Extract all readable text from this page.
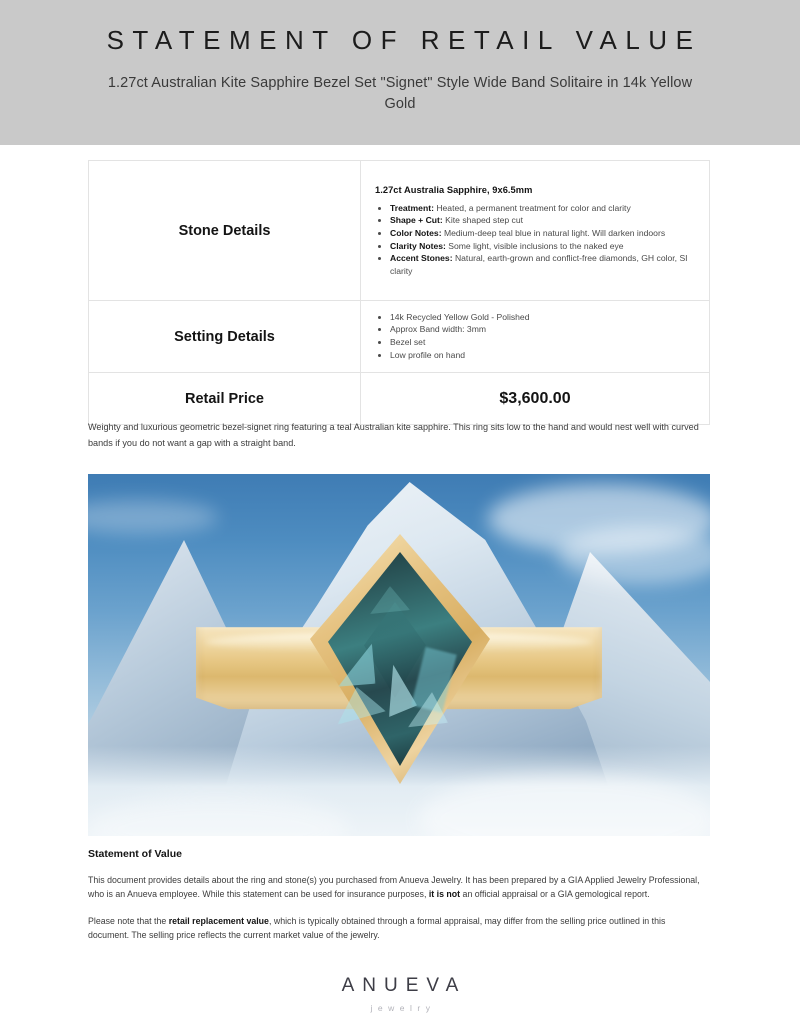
STATEMENT OF RETAIL VALUE
1.27ct Australian Kite Sapphire Bezel Set "Signet" Style Wide Band Solitaire in 14k Yellow Gold
Stone Details	
1.27ct Australia Sapphire, 9x6.5mm
• Treatment: Heated, a permanent treatment for color and clarity
• Shape + Cut: Kite shaped step cut
• Color Notes: Medium-deep teal blue in natural light. Will darken indoors
• Clarity Notes: Some light, visible inclusions to the naked eye
• Accent Stones: Natural, earth-grown and conflict-free diamonds, GH color, SI clarity

Setting Details	
• 14k Recycled Yellow Gold - Polished
• Approx Band width: 3mm
• Bezel set
• Low profile on hand

Retail Price	$3,600.00
Weighty and luxurious geometric bezel-signet ring featuring a teal Australian kite sapphire. This ring sits low to the hand and would nest well with curved bands if you do not want a gap with a straight band.
Statement of Value

This document provides details about the ring and stone(s) you purchased from Anueva Jewelry. It has been prepared by a GIA Applied Jewelry Professional, who is an Anueva employee. While this statement can be used for insurance purposes, it is not an official appraisal or a GIA gemological report.

Please note that the retail replacement value, which is typically obtained through a formal appraisal, may differ from the selling price outlined in this document. The selling price reflects the current market value of the jewelry.

ANUEVA
jewelry
